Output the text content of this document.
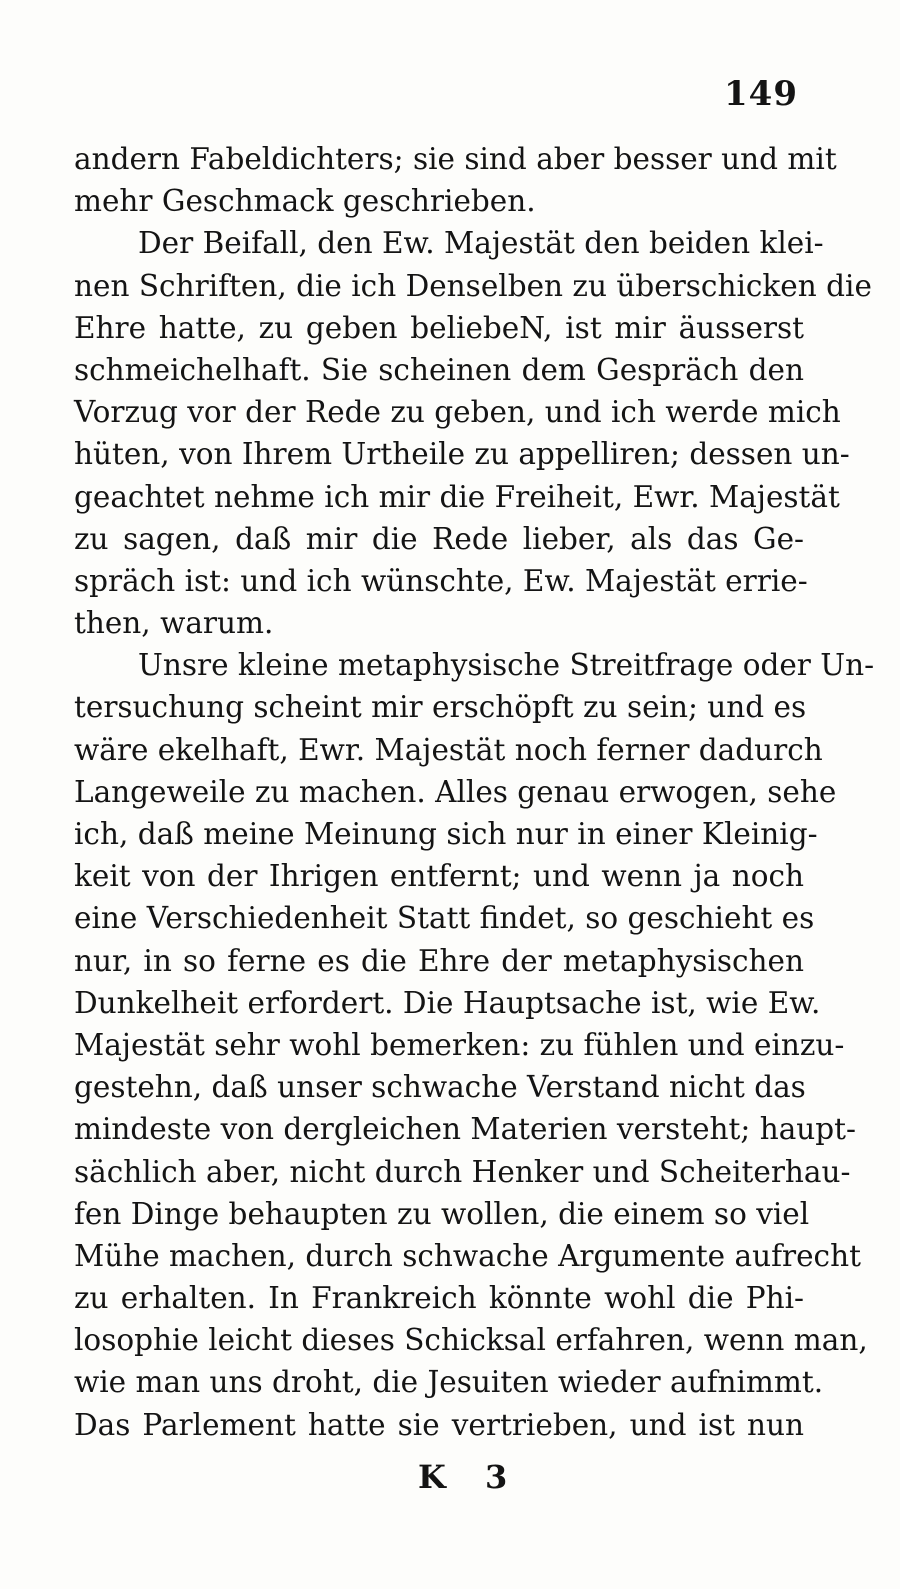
149
andern Fabeldichters; sie sind aber besser und mit
mehr Geschmack geschrieben.
Der Beifall, den Ew. Majestät den beiden klei-
nen Schriften, die ich Denselben zu überschicken die
Ehre hatte, zu geben beliebeN, ist mir äusserst
schmeichelhaft. Sie scheinen dem Gespräch den
Vorzug vor der Rede zu geben, und ich werde mich
hüten, von Ihrem Urtheile zu appelliren; dessen un-
geachtet nehme ich mir die Freiheit, Ewr. Majestät
zu sagen, daß mir die Rede lieber, als das Ge-
spräch ist: und ich wünschte, Ew. Majestät errie-
then, warum.
Unsre kleine metaphysische Streitfrage oder Un-
tersuchung scheint mir erschöpft zu sein; und es
wäre ekelhaft, Ewr. Majestät noch ferner dadurch
Langeweile zu machen. Alles genau erwogen, sehe
ich, daß meine Meinung sich nur in einer Kleinig-
keit von der Ihrigen entfernt; und wenn ja noch
eine Verschiedenheit Statt findet, so geschieht es
nur, in so ferne es die Ehre der metaphysischen
Dunkelheit erfordert. Die Hauptsache ist, wie Ew.
Majestät sehr wohl bemerken: zu fühlen und einzu-
gestehn, daß unser schwache Verstand nicht das
mindeste von dergleichen Materien versteht; haupt-
sächlich aber, nicht durch Henker und Scheiterhau-
fen Dinge behaupten zu wollen, die einem so viel
Mühe machen, durch schwache Argumente aufrecht
zu erhalten. In Frankreich könnte wohl die Phi-
losophie leicht dieses Schicksal erfahren, wenn man,
wie man uns droht, die Jesuiten wieder aufnimmt.
Das Parlement hatte sie vertrieben, und ist nun
K 3
